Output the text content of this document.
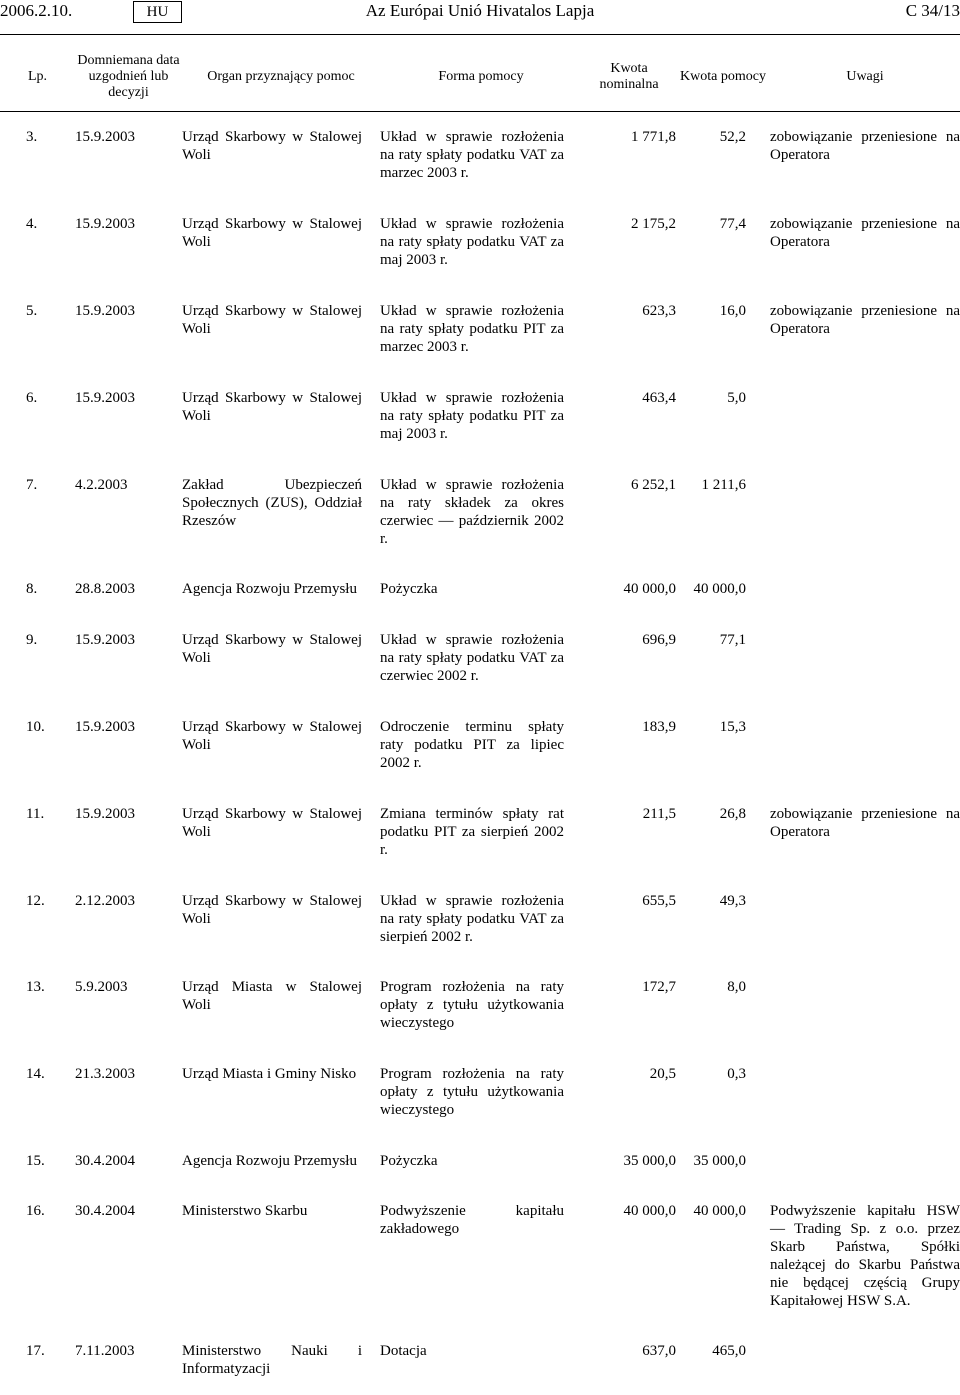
2006.2.10.	HU	Az Európai Unió Hivatalos Lapja	C 34/13
Lp.	Domniemana data uzgodnień lub decyzji	Organ przyznający pomoc	Forma pomocy	Kwota nominalna	Kwota pomocy	Uwagi

3.	15.9.2003	Urząd Skarbowy w Stalowej Woli	Układ w sprawie rozłożenia na raty spłaty podatku VAT za marzec 2003 r.	1 771,8	52,2	zobowiązanie przeniesione na Operatora
4.	15.9.2003	Urząd Skarbowy w Stalowej Woli	Układ w sprawie rozłożenia na raty spłaty podatku VAT za maj 2003 r.	2 175,2	77,4	zobowiązanie przeniesione na Operatora
5.	15.9.2003	Urząd Skarbowy w Stalowej Woli	Układ w sprawie rozłożenia na raty spłaty podatku PIT za marzec 2003 r.	623,3	16,0	zobowiązanie przeniesione na Operatora
6.	15.9.2003	Urząd Skarbowy w Stalowej Woli	Układ w sprawie rozłożenia na raty spłaty podatku PIT za maj 2003 r.	463,4	5,0	
7.	4.2.2003	Zakład Ubezpieczeń Społecznych (ZUS), Oddział Rzeszów	Układ w sprawie rozłożenia na raty składek za okres czerwiec — październik 2002 r.	6 252,1	1 211,6	
8.	28.8.2003	Agencja Rozwoju Przemysłu	Pożyczka	40 000,0	40 000,0	
9.	15.9.2003	Urząd Skarbowy w Stalowej Woli	Układ w sprawie rozłożenia na raty spłaty podatku VAT za czerwiec 2002 r.	696,9	77,1	
10.	15.9.2003	Urząd Skarbowy w Stalowej Woli	Odroczenie terminu spłaty raty podatku PIT za lipiec 2002 r.	183,9	15,3	
11.	15.9.2003	Urząd Skarbowy w Stalowej Woli	Zmiana terminów spłaty rat podatku PIT za sierpień 2002 r.	211,5	26,8	zobowiązanie przeniesione na Operatora
12.	2.12.2003	Urząd Skarbowy w Stalowej Woli	Układ w sprawie rozłożenia na raty spłaty podatku VAT za sierpień 2002 r.	655,5	49,3	
13.	5.9.2003	Urząd Miasta w Stalowej Woli	Program rozłożenia na raty opłaty z tytułu użytkowania wieczystego	172,7	8,0	
14.	21.3.2003	Urząd Miasta i Gminy Nisko	Program rozłożenia na raty opłaty z tytułu użytkowania wieczystego	20,5	0,3	
15.	30.4.2004	Agencja Rozwoju Przemysłu	Pożyczka	35 000,0	35 000,0	
16.	30.4.2004	Ministerstwo Skarbu	Podwyższenie kapitału zakładowego	40 000,0	40 000,0	Podwyższenie kapitału HSW — Trading Sp. z o.o. przez Skarb Państwa, Spółki należącej do Skarbu Państwa nie będącej częścią Grupy Kapitałowej HSW S.A.
17.	7.11.2003	Ministerstwo Nauki i Informatyzacji	Dotacja	637,0	465,0	
